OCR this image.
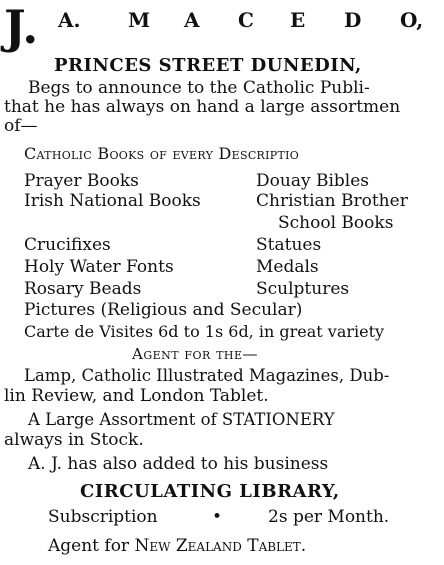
J. A. M A C E D O,
PRINCES STREET DUNEDIN,
Begs to announce to the Catholic Publi-
that he has always on hand a large assortmen
of—
Catholic Books of every Descriptio
Prayer Books
Irish National Books
Crucifixes
Holy Water Fonts
Rosary Beads
Douay Bibles
Christian Brother
School Books
Statues
Medals
Sculptures
Pictures (Religious and Secular)
Carte de Visites 6d to 1s 6d, in great variety
Agent for the—
Lamp, Catholic Illustrated Magazines, Dub-
lin Review, and London Tablet.
A Large Assortment of STATIONERY
always in Stock.
A. J. has also added to his business
CIRCULATING LIBRARY,
Subscription	•	2s per Month.
Agent for New Zealand Tablet.
